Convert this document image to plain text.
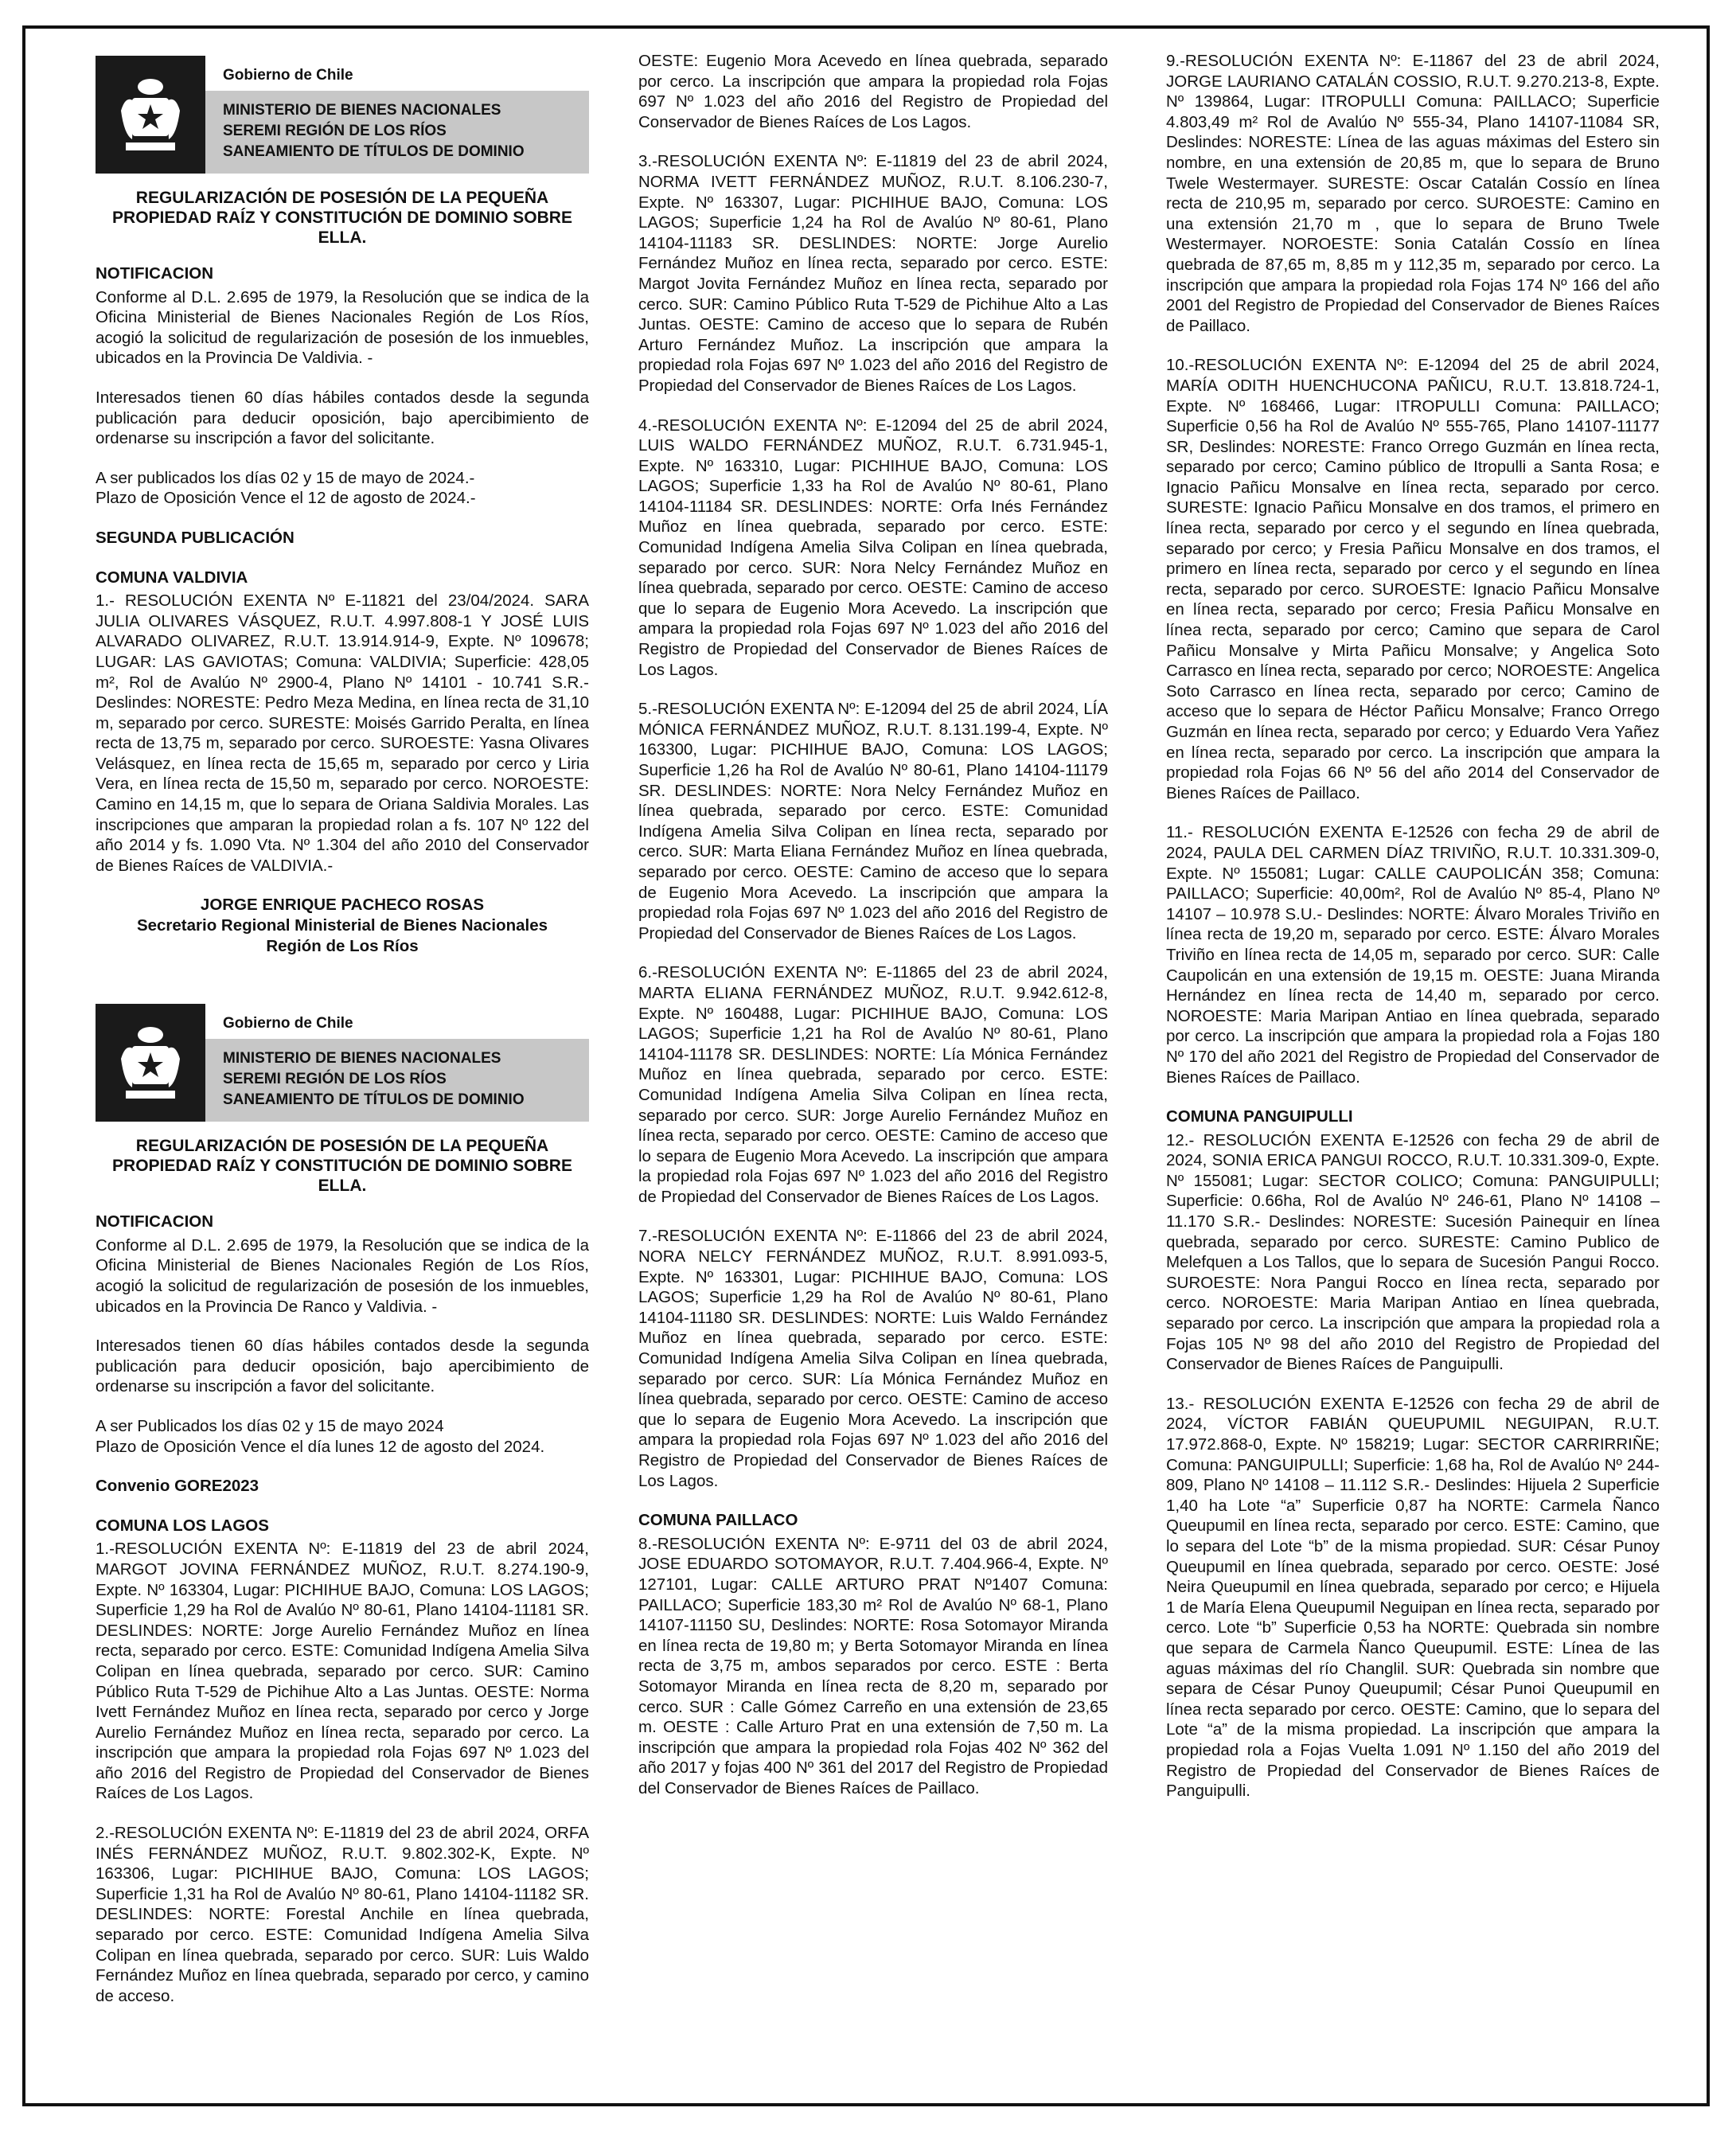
Gobierno de Chile
MINISTERIO DE BIENES NACIONALES
SEREMI REGIÓN DE LOS RÍOS
SANEAMIENTO DE TÍTULOS DE DOMINIO
REGULARIZACIÓN DE POSESIÓN DE LA PEQUEÑA PROPIEDAD RAÍZ Y CONSTITUCIÓN DE DOMINIO SOBRE ELLA.
NOTIFICACION

Conforme al D.L. 2.695 de 1979, la Resolución que se indica de la Oficina Ministerial de Bienes Nacionales Región de Los Ríos, acogió la solicitud de regularización de posesión de los inmuebles, ubicados en la Provincia De Valdivia. -

Interesados tienen 60 días hábiles contados desde la segunda publicación para deducir oposición, bajo apercibimiento de ordenarse su inscripción a favor del solicitante.

A ser publicados los días 02 y 15 de mayo de 2024.-

Plazo de Oposición Vence el 12 de agosto de 2024.-

SEGUNDA PUBLICACIÓN

COMUNA VALDIVIA

1.- RESOLUCIÓN EXENTA Nº E-11821 del 23/04/2024. SARA JULIA OLIVARES VÁSQUEZ, R.U.T. 4.997.808-1 Y JOSÉ LUIS ALVARADO OLIVAREZ, R.U.T. 13.914.914-9, Expte. Nº 109678; LUGAR: LAS GAVIOTAS; Comuna: VALDIVIA; Superficie: 428,05 m², Rol de Avalúo Nº 2900-4, Plano Nº 14101 - 10.741 S.R.- Deslindes: NORESTE: Pedro Meza Medina, en línea recta de 31,10 m, separado por cerco. SURESTE: Moisés Garrido Peralta, en línea recta de 13,75 m, separado por cerco. SUROESTE: Yasna Olivares Velásquez, en línea recta de 15,65 m, separado por cerco y Liria Vera, en línea recta de 15,50 m, separado por cerco. NOROESTE: Camino en 14,15 m, que lo separa de Oriana Saldivia Morales. Las inscripciones que amparan la propiedad rolan a fs. 107 Nº 122 del año 2014 y fs. 1.090 Vta. Nº 1.304 del año 2010 del Conservador de Bienes Raíces de VALDIVIA.-

JORGE ENRIQUE PACHECO ROSAS
Secretario Regional Ministerial de Bienes Nacionales
Región de Los Ríos
Gobierno de Chile
MINISTERIO DE BIENES NACIONALES
SEREMI REGIÓN DE LOS RÍOS
SANEAMIENTO DE TÍTULOS DE DOMINIO
REGULARIZACIÓN DE POSESIÓN DE LA PEQUEÑA PROPIEDAD RAÍZ Y CONSTITUCIÓN DE DOMINIO SOBRE ELLA.
NOTIFICACION

Conforme al D.L. 2.695 de 1979, la Resolución que se indica de la Oficina Ministerial de Bienes Nacionales Región de Los Ríos, acogió la solicitud de regularización de posesión de los inmuebles, ubicados en la Provincia De Ranco y Valdivia. -

Interesados tienen 60 días hábiles contados desde la segunda publicación para deducir oposición, bajo apercibimiento de ordenarse su inscripción a favor del solicitante.

A ser Publicados los días 02 y 15 de mayo 2024

Plazo de Oposición Vence el día lunes 12 de agosto del 2024.

Convenio GORE2023

COMUNA LOS LAGOS

1.-RESOLUCIÓN EXENTA Nº: E-11819 del 23 de abril 2024, MARGOT JOVINA FERNÁNDEZ MUÑOZ, R.U.T. 8.274.190-9, Expte. Nº 163304, Lugar: PICHIHUE BAJO, Comuna: LOS LAGOS; Superficie 1,29 ha Rol de Avalúo Nº 80-61, Plano 14104-11181 SR. DESLINDES: NORTE: Jorge Aurelio Fernández Muñoz en línea recta, separado por cerco. ESTE: Comunidad Indígena Amelia Silva Colipan en línea quebrada, separado por cerco. SUR: Camino Público Ruta T-529 de Pichihue Alto a Las Juntas. OESTE: Norma Ivett Fernández Muñoz en línea recta, separado por cerco y Jorge Aurelio Fernández Muñoz en línea recta, separado por cerco. La inscripción que ampara la propiedad rola Fojas 697 Nº 1.023 del año 2016 del Registro de Propiedad del Conservador de Bienes Raíces de Los Lagos.

2.-RESOLUCIÓN EXENTA Nº: E-11819 del 23 de abril 2024, ORFA INÉS FERNÁNDEZ MUÑOZ, R.U.T. 9.802.302-K, Expte. Nº 163306, Lugar: PICHIHUE BAJO, Comuna: LOS LAGOS; Superficie 1,31 ha Rol de Avalúo Nº 80-61, Plano 14104-11182 SR. DESLINDES: NORTE: Forestal Anchile en línea quebrada, separado por cerco. ESTE: Comunidad Indígena Amelia Silva Colipan en línea quebrada, separado por cerco. SUR: Luis Waldo Fernández Muñoz en línea quebrada, separado por cerco, y camino de acceso.

OESTE: Eugenio Mora Acevedo en línea quebrada, separado por cerco. La inscripción que ampara la propiedad rola Fojas 697 Nº 1.023 del año 2016 del Registro de Propiedad del Conservador de Bienes Raíces de Los Lagos.

3.-RESOLUCIÓN EXENTA Nº: E-11819 del 23 de abril 2024, NORMA IVETT FERNÁNDEZ MUÑOZ, R.U.T. 8.106.230-7, Expte. Nº 163307, Lugar: PICHIHUE BAJO, Comuna: LOS LAGOS; Superficie 1,24 ha Rol de Avalúo Nº 80-61, Plano 14104-11183 SR. DESLINDES: NORTE: Jorge Aurelio Fernández Muñoz en línea recta, separado por cerco. ESTE: Margot Jovita Fernández Muñoz en línea recta, separado por cerco. SUR: Camino Público Ruta T-529 de Pichihue Alto a Las Juntas. OESTE: Camino de acceso que lo separa de Rubén Arturo Fernández Muñoz. La inscripción que ampara la propiedad rola Fojas 697 Nº 1.023 del año 2016 del Registro de Propiedad del Conservador de Bienes Raíces de Los Lagos.

4.-RESOLUCIÓN EXENTA Nº: E-12094 del 25 de abril 2024, LUIS WALDO FERNÁNDEZ MUÑOZ, R.U.T. 6.731.945-1, Expte. Nº 163310, Lugar: PICHIHUE BAJO, Comuna: LOS LAGOS; Superficie 1,33 ha Rol de Avalúo Nº 80-61, Plano 14104-11184 SR. DESLINDES: NORTE: Orfa Inés Fernández Muñoz en línea quebrada, separado por cerco. ESTE: Comunidad Indígena Amelia Silva Colipan en línea quebrada, separado por cerco. SUR: Nora Nelcy Fernández Muñoz en línea quebrada, separado por cerco. OESTE: Camino de acceso que lo separa de Eugenio Mora Acevedo. La inscripción que ampara la propiedad rola Fojas 697 Nº 1.023 del año 2016 del Registro de Propiedad del Conservador de Bienes Raíces de Los Lagos.

5.-RESOLUCIÓN EXENTA Nº: E-12094 del 25 de abril 2024, LÍA MÓNICA FERNÁNDEZ MUÑOZ, R.U.T. 8.131.199-4, Expte. Nº 163300, Lugar: PICHIHUE BAJO, Comuna: LOS LAGOS; Superficie 1,26 ha Rol de Avalúo Nº 80-61, Plano 14104-11179 SR. DESLINDES: NORTE: Nora Nelcy Fernández Muñoz en línea quebrada, separado por cerco. ESTE: Comunidad Indígena Amelia Silva Colipan en línea recta, separado por cerco. SUR: Marta Eliana Fernández Muñoz en línea quebrada, separado por cerco. OESTE: Camino de acceso que lo separa de Eugenio Mora Acevedo. La inscripción que ampara la propiedad rola Fojas 697 Nº 1.023 del año 2016 del Registro de Propiedad del Conservador de Bienes Raíces de Los Lagos.

6.-RESOLUCIÓN EXENTA Nº: E-11865 del 23 de abril 2024, MARTA ELIANA FERNÁNDEZ MUÑOZ, R.U.T. 9.942.612-8, Expte. Nº 160488, Lugar: PICHIHUE BAJO, Comuna: LOS LAGOS; Superficie 1,21 ha Rol de Avalúo Nº 80-61, Plano 14104-11178 SR. DESLINDES: NORTE: Lía Mónica Fernández Muñoz en línea quebrada, separado por cerco. ESTE: Comunidad Indígena Amelia Silva Colipan en línea recta, separado por cerco. SUR: Jorge Aurelio Fernández Muñoz en línea recta, separado por cerco. OESTE: Camino de acceso que lo separa de Eugenio Mora Acevedo. La inscripción que ampara la propiedad rola Fojas 697 Nº 1.023 del año 2016 del Registro de Propiedad del Conservador de Bienes Raíces de Los Lagos.

7.-RESOLUCIÓN EXENTA Nº: E-11866 del 23 de abril 2024, NORA NELCY FERNÁNDEZ MUÑOZ, R.U.T. 8.991.093-5, Expte. Nº 163301, Lugar: PICHIHUE BAJO, Comuna: LOS LAGOS; Superficie 1,29 ha Rol de Avalúo Nº 80-61, Plano 14104-11180 SR. DESLINDES: NORTE: Luis Waldo Fernández Muñoz en línea quebrada, separado por cerco. ESTE: Comunidad Indígena Amelia Silva Colipan en línea quebrada, separado por cerco. SUR: Lía Mónica Fernández Muñoz en línea quebrada, separado por cerco. OESTE: Camino de acceso que lo separa de Eugenio Mora Acevedo. La inscripción que ampara la propiedad rola Fojas 697 Nº 1.023 del año 2016 del Registro de Propiedad del Conservador de Bienes Raíces de Los Lagos.

COMUNA PAILLACO

8.-RESOLUCIÓN EXENTA Nº: E-9711 del 03 de abril 2024, JOSE EDUARDO SOTOMAYOR, R.U.T. 7.404.966-4, Expte. Nº 127101, Lugar: CALLE ARTURO PRAT Nº1407 Comuna: PAILLACO; Superficie 183,30 m² Rol de Avalúo Nº 68-1, Plano 14107-11150 SU, Deslindes: NORTE: Rosa Sotomayor Miranda en línea recta de 19,80 m; y Berta Sotomayor Miranda en línea recta de 3,75 m, ambos separados por cerco. ESTE : Berta Sotomayor Miranda en línea recta de 8,20 m, separado por cerco. SUR : Calle Gómez Carreño en una extensión de 23,65 m. OESTE : Calle Arturo Prat en una extensión de 7,50 m. La inscripción que ampara la propiedad rola Fojas 402 Nº 362 del año 2017 y fojas 400 Nº 361 del 2017 del Registro de Propiedad del Conservador de Bienes Raíces de Paillaco.

9.-RESOLUCIÓN EXENTA Nº: E-11867 del 23 de abril 2024, JORGE LAURIANO CATALÁN COSSIO, R.U.T. 9.270.213-8, Expte. Nº 139864, Lugar: ITROPULLI Comuna: PAILLACO; Superficie 4.803,49 m² Rol de Avalúo Nº 555-34, Plano 14107-11084 SR, Deslindes: NORESTE: Línea de las aguas máximas del Estero sin nombre, en una extensión de 20,85 m, que lo separa de Bruno Twele Westermayer. SURESTE: Oscar Catalán Cossío en línea recta de 210,95 m, separado por cerco. SUROESTE: Camino en una extensión 21,70 m , que lo separa de Bruno Twele Westermayer. NOROESTE: Sonia Catalán Cossío en línea quebrada de 87,65 m, 8,85 m y 112,35 m, separado por cerco. La inscripción que ampara la propiedad rola Fojas 174 Nº 166 del año 2001 del Registro de Propiedad del Conservador de Bienes Raíces de Paillaco.

10.-RESOLUCIÓN EXENTA Nº: E-12094 del 25 de abril 2024, MARÍA ODITH HUENCHUCONA PAÑICU, R.U.T. 13.818.724-1, Expte. Nº 168466, Lugar: ITROPULLI Comuna: PAILLACO; Superficie 0,56 ha Rol de Avalúo Nº 555-765, Plano 14107-11177 SR, Deslindes: NORESTE: Franco Orrego Guzmán en línea recta, separado por cerco; Camino público de Itropulli a Santa Rosa; e Ignacio Pañicu Monsalve en línea recta, separado por cerco. SURESTE: Ignacio Pañicu Monsalve en dos tramos, el primero en línea recta, separado por cerco y el segundo en línea quebrada, separado por cerco; y Fresia Pañicu Monsalve en dos tramos, el primero en línea recta, separado por cerco y el segundo en línea recta, separado por cerco. SUROESTE: Ignacio Pañicu Monsalve en línea recta, separado por cerco; Fresia Pañicu Monsalve en línea recta, separado por cerco; Camino que separa de Carol Pañicu Monsalve y Mirta Pañicu Monsalve; y Angelica Soto Carrasco en línea recta, separado por cerco; NOROESTE: Angelica Soto Carrasco en línea recta, separado por cerco; Camino de acceso que lo separa de Héctor Pañicu Monsalve; Franco Orrego Guzmán en línea recta, separado por cerco; y Eduardo Vera Yañez en línea recta, separado por cerco. La inscripción que ampara la propiedad rola Fojas 66 Nº 56 del año 2014 del Conservador de Bienes Raíces de Paillaco.

11.- RESOLUCIÓN EXENTA E-12526 con fecha 29 de abril de 2024, PAULA DEL CARMEN DÍAZ TRIVIÑO, R.U.T. 10.331.309-0, Expte. Nº 155081; Lugar: CALLE CAUPOLICÁN 358; Comuna: PAILLACO; Superficie: 40,00m², Rol de Avalúo Nº 85-4, Plano Nº 14107 – 10.978 S.U.- Deslindes: NORTE: Álvaro Morales Triviño en línea recta de 19,20 m, separado por cerco. ESTE: Álvaro Morales Triviño en línea recta de 14,05 m, separado por cerco. SUR: Calle Caupolicán en una extensión de 19,15 m. OESTE: Juana Miranda Hernández en línea recta de 14,40 m, separado por cerco. NOROESTE: Maria Maripan Antiao en línea quebrada, separado por cerco. La inscripción que ampara la propiedad rola a Fojas 180 Nº 170 del año 2021 del Registro de Propiedad del Conservador de Bienes Raíces de Paillaco.

COMUNA PANGUIPULLI

12.- RESOLUCIÓN EXENTA E-12526 con fecha 29 de abril de 2024, SONIA ERICA PANGUI ROCCO, R.U.T. 10.331.309-0, Expte. Nº 155081; Lugar: SECTOR COLICO; Comuna: PANGUIPULLI; Superficie: 0.66ha, Rol de Avalúo Nº 246-61, Plano Nº 14108 – 11.170 S.R.- Deslindes: NORESTE: Sucesión Painequir en línea quebrada, separado por cerco. SURESTE: Camino Publico de Melefquen a Los Tallos, que lo separa de Sucesión Pangui Rocco. SUROESTE: Nora Pangui Rocco en línea recta, separado por cerco. NOROESTE: Maria Maripan Antiao en línea quebrada, separado por cerco. La inscripción que ampara la propiedad rola a Fojas 105 Nº 98 del año 2010 del Registro de Propiedad del Conservador de Bienes Raíces de Panguipulli.

13.- RESOLUCIÓN EXENTA E-12526 con fecha 29 de abril de 2024, VÍCTOR FABIÁN QUEUPUMIL NEGUIPAN, R.U.T. 17.972.868-0, Expte. Nº 158219; Lugar: SECTOR CARRIRRIÑE; Comuna: PANGUIPULLI; Superficie: 1,68 ha, Rol de Avalúo Nº 244-809, Plano Nº 14108 – 11.112 S.R.- Deslindes: Hijuela 2 Superficie 1,40 ha Lote “a” Superficie 0,87 ha NORTE: Carmela Ñanco Queupumil en línea recta, separado por cerco. ESTE: Camino, que lo separa del Lote “b” de la misma propiedad. SUR: César Punoy Queupumil en línea quebrada, separado por cerco. OESTE: José Neira Queupumil en línea quebrada, separado por cerco; e Hijuela 1 de María Elena Queupumil Neguipan en línea recta, separado por cerco. Lote “b” Superficie 0,53 ha NORTE: Quebrada sin nombre que separa de Carmela Ñanco Queupumil. ESTE: Línea de las aguas máximas del río Changlil. SUR: Quebrada sin nombre que separa de César Punoy Queupumil; César Punoi Queupumil en línea recta separado por cerco. OESTE: Camino, que lo separa del Lote “a” de la misma propiedad. La inscripción que ampara la propiedad rola a Fojas Vuelta 1.091 Nº 1.150 del año 2019 del Registro de Propiedad del Conservador de Bienes Raíces de Panguipulli.
